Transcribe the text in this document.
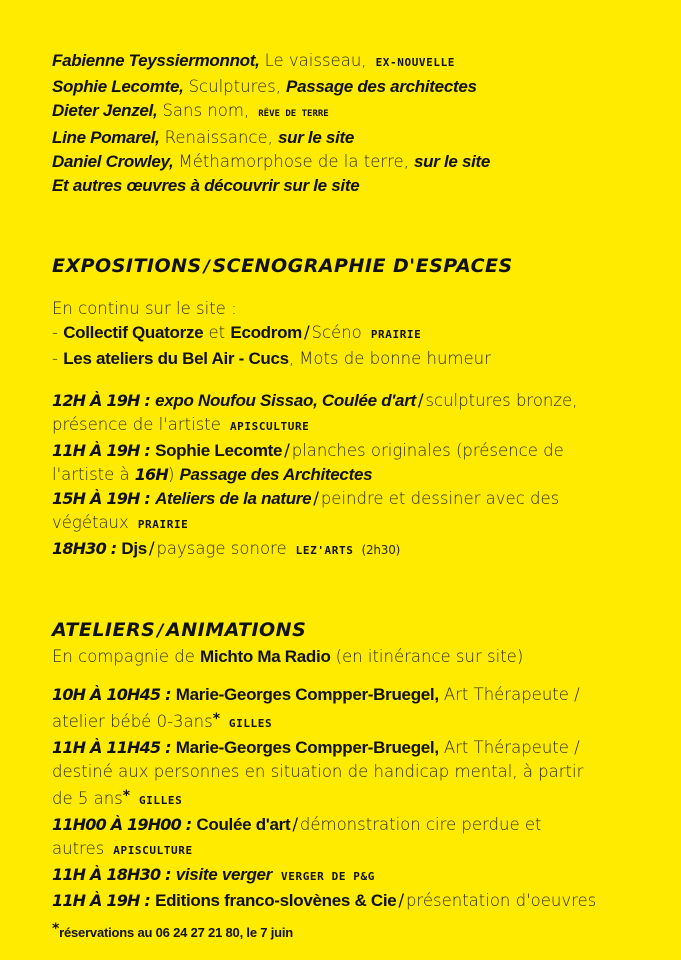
Fabienne Teyssiermonnot, Le vaisseau, EX-NOUVELLE
Sophie Lecomte, Sculptures, Passage des architectes
Dieter Jenzel, Sans nom, RÊVE DE TERRE
Line Pomarel, Renaissance, sur le site
Daniel Crowley, Méthamorphose de la terre, sur le site
Et autres œuvres à découvrir sur le site
EXPOSITIONS / SCENOGRAPHIE D'ESPACES
En continu sur le site :
- Collectif Quatorze et Ecodrom / Scéno PRAIRIE
- Les ateliers du Bel Air - Cucs, Mots de bonne humeur
12H À 19H : expo Noufou Sissao, Coulée d'art / sculptures bronze,
présence de l'artiste APISCULTURE
11H À 19H : Sophie Lecomte / planches originales (présence de
l'artiste à 16H) Passage des Architectes
15H À 19H : Ateliers de la nature / peindre et dessiner avec des
végétaux PRAIRIE
18H30 : Djs / paysage sonore LEZ'ARTS (2h30)
ATELIERS / ANIMATIONS
En compagnie de Michto Ma Radio (en itinérance sur site)
10H À 10H45 : Marie-Georges Compper-Bruegel, Art Thérapeute /
atelier bébé 0-3ans* GILLES
11H À 11H45 : Marie-Georges Compper-Bruegel, Art Thérapeute /
destiné aux personnes en situation de handicap mental, à partir
de 5 ans* GILLES
11H00 À 19H00 : Coulée d'art / démonstration cire perdue et
autres APISCULTURE
11H À 18H30 : visite verger VERGER DE P&G
11H À 19H : Editions franco-slovènes & Cie / présentation d'oeuvres
*réservations au 06 24 27 21 80, le 7 juin
